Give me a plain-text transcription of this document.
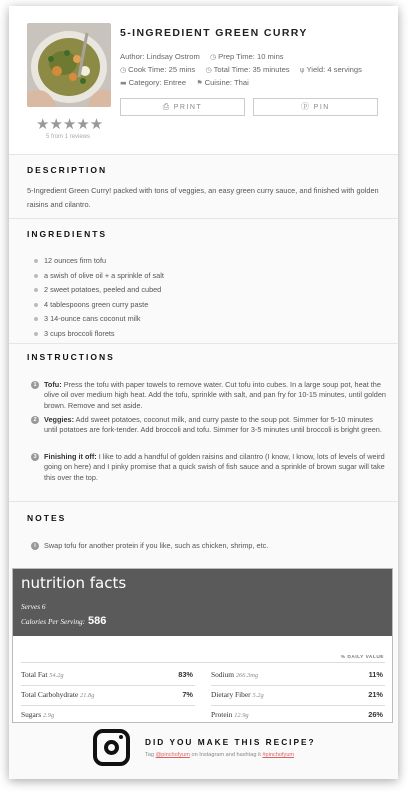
★★★★★
5 from 1 reviews
5-INGREDIENT GREEN CURRY
Author: Lindsay Ostrom ◷ Prep Time: 10 mins
◷ Cook Time: 25 mins ◷ Total Time: 35 minutes ψ Yield: 4 servings
▬ Category: Entree ⚑ Cuisine: Thai
⎙ PRINT	ⓟ PIN
DESCRIPTION
5-Ingredient Green Curry! packed with tons of veggies, an easy green curry sauce, and finished with golden raisins and cilantro.
INGREDIENTS
12 ounces firm tofu
a swish of olive oil + a sprinkle of salt
2 sweet potatoes, peeled and cubed
4 tablespoons green curry paste
3 14-ounce cans coconut milk
3 cups broccoli florets
INSTRUCTIONS
1	Tofu: Press the tofu with paper towels to remove water. Cut tofu into cubes. In a large soup pot, heat the olive oil over medium high heat. Add the tofu, sprinkle with salt, and pan fry for 10-15 minutes, until golden brown. Remove and set aside.
2	Veggies: Add sweet potatoes, coconut milk, and curry paste to the soup pot. Simmer for 5-10 minutes until potatoes are fork-tender. Add broccoli and tofu. Simmer for 3-5 minutes until broccoli is bright green.
3	Finishing it off: I like to add a handful of golden raisins and cilantro (I know, I know, lots of levels of weird going on here) and I pinky promise that a quick swish of fish sauce and a sprinkle of brown sugar will take this over the top.
NOTES
i	Swap tofu for another protein if you like, such as chicken, shrimp, etc.
nutrition facts
Serves 6
Calories Per Serving: 586
% DAILY VALUE
Total Fat 54.2g	83% Sodium 266.3mg	11%
Total Carbohydrate 21.8g	7% Dietary Fiber 5.2g	21%
Sugars 2.9g	Protein 12.9g	26%
DID YOU MAKE THIS RECIPE?
Tag @pinchofyum on Instagram and hashtag it #pinchofyum
